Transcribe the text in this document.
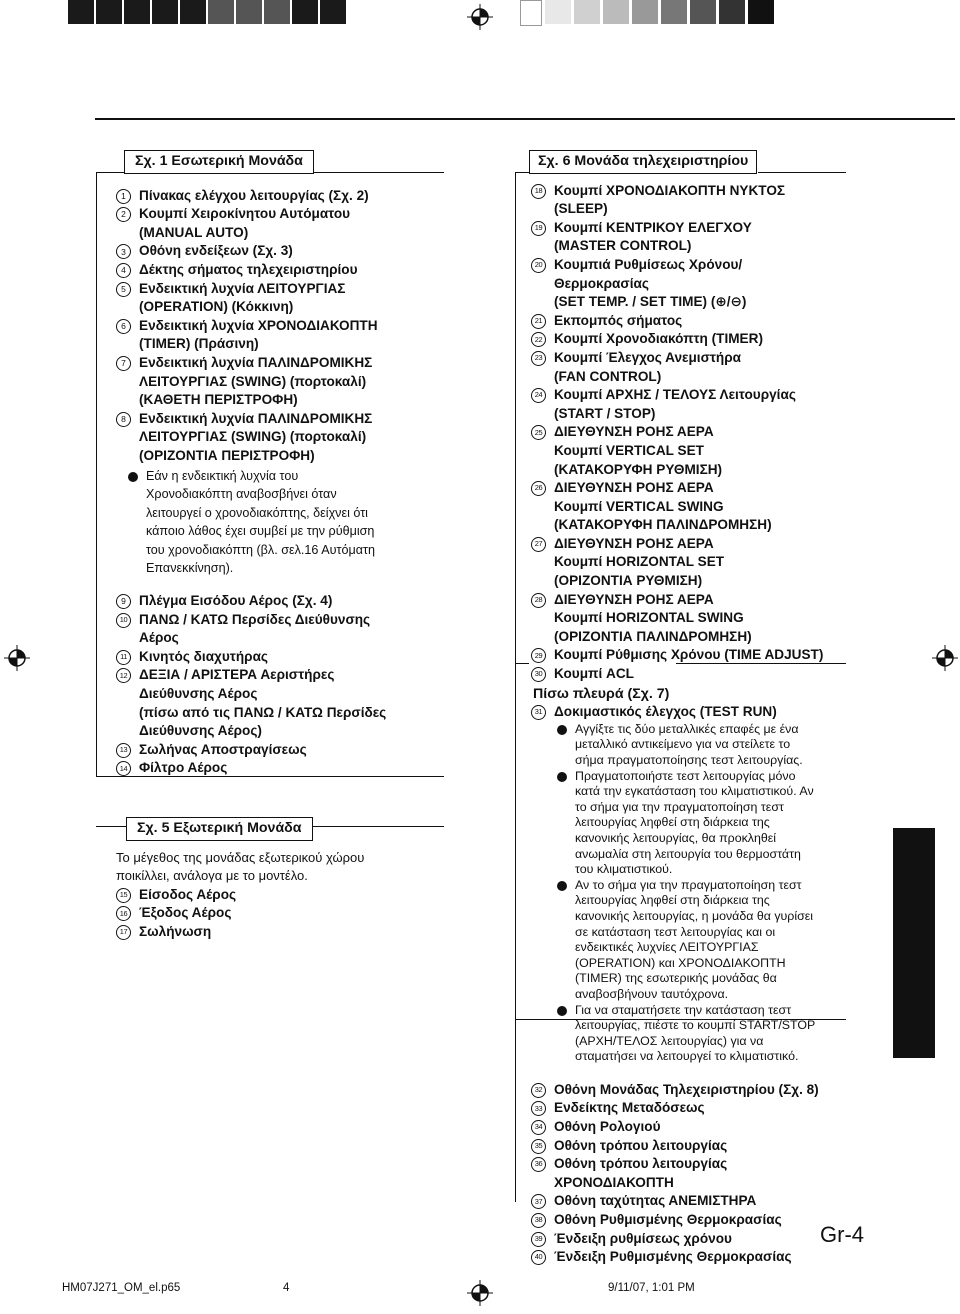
Σχ. 1 Εσωτερική Μονάδα
1 Πίνακας ελέγχου λειτουργίας (Σχ. 2)
2 Κουμπί Χειροκίνητου Αυτόματου
(MANUAL AUTO)
3 Οθόνη ενδείξεων (Σχ. 3)
4 Δέκτης σήματος τηλεχειριστηρίου
5 Ενδεικτική λυχνία ΛΕΙΤΟΥΡΓΙΑΣ
(OPERATION) (Κόκκινη)
6 Ενδεικτική λυχνία ΧΡΟΝΟΔΙΑΚΟΠΤΗ
(TIMER) (Πράσινη)
7 Ενδεικτική λυχνία ΠΑΛΙΝΔΡΟΜΙΚΗΣ
ΛΕΙΤΟΥΡΓΙΑΣ (SWING) (πορτοκαλί)
(ΚΑΘΕΤΗ ΠΕΡΙΣΤΡΟΦΗ)
8 Ενδεικτική λυχνία ΠΑΛΙΝΔΡΟΜΙΚΗΣ
ΛΕΙΤΟΥΡΓΙΑΣ (SWING) (πορτοκαλί)
(ΟΡΙΖΟΝΤΙΑ ΠΕΡΙΣΤΡΟΦΗ)
Εάν η ενδεικτική λυχνία του
Χρονοδιακόπτη αναβοσβήνει όταν
λειτουργεί ο χρονοδιακόπτης, δείχνει ότι
κάποιο λάθος έχει συμβεί με την ρύθμιση
του χρονοδιακόπτη (βλ. σελ.16 Αυτόματη
Επανεκκίνηση).
9 Πλέγμα Εισόδου Αέρος (Σχ. 4)
10 ΠΑΝΩ / ΚΑΤΩ Περσίδες Διεύθυνσης
Αέρος
11 Κινητός διαχυτήρας
12 ΔΕΞΙΑ / ΑΡΙΣΤΕΡΑ Αεριστήρες
Διεύθυνσης Αέρος
(πίσω από τις ΠΑΝΩ / ΚΑΤΩ Περσίδες
Διεύθυνσης Αέρος)
13 Σωλήνας Αποστραγίσεως
14 Φίλτρο Αέρος
Σχ. 5 Εξωτερική Μονάδα
Το μέγεθος της μονάδας εξωτερικού χώρου
ποικίλλει, ανάλογα με το μοντέλο.
15 Είσοδος Αέρος
16 Έξοδος Αέρος
17 Σωλήνωση
Σχ. 6 Μονάδα τηλεχειριστηρίου
18 Κουμπί ΧΡΟΝΟΔΙΑΚΟΠΤΗ ΝΥΚΤΟΣ
(SLEEP)
19 Κουμπί ΚΕΝΤΡΙΚΟΥ ΕΛΕΓΧΟΥ
(MASTER CONTROL)
20 Κουμπιά Ρυθμίσεως Χρόνου/
Θερμοκρασίας
(SET TEMP. / SET TIME) (⊕/⊖)
21 Εκπομπός σήματος
22 Κουμπί Χρονοδιακόπτη (TIMER)
23 Κουμπί Έλεγχος Ανεμιστήρα
(FAN CONTROL)
24 Κουμπί ΑΡΧΗΣ / ΤΕΛΟΥΣ Λειτουργίας
(START / STOP)
25 ΔΙΕΥΘΥΝΣΗ ΡΟΗΣ ΑΕΡΑ
Κουμπί VERTICAL SET
(ΚΑΤΑΚΟΡΥΦΗ ΡΥΘΜΙΣΗ)
26 ΔΙΕΥΘΥΝΣΗ ΡΟΗΣ ΑΕΡΑ
Κουμπί VERTICAL SWING
(ΚΑΤΑΚΟΡΥΦΗ ΠΑΛΙΝΔΡΟΜΗΣΗ)
27 ΔΙΕΥΘΥΝΣΗ ΡΟΗΣ ΑΕΡΑ
Κουμπί HORIZONTAL SET
(ΟΡΙΖΟΝΤΙΑ ΡΥΘΜΙΣΗ)
28 ΔΙΕΥΘΥΝΣΗ ΡΟΗΣ ΑΕΡΑ
Κουμπί HORIZONTAL SWING
(ΟΡΙΖΟΝΤΙΑ ΠΑΛΙΝΔΡΟΜΗΣΗ)
29 Κουμπί Ρύθμισης Χρόνου (TIME ADJUST)
30 Κουμπί ACL
Πίσω πλευρά (Σχ. 7)
31 Δοκιμαστικός έλεγχος (TEST RUN)
Αγγίξτε τις δύο μεταλλικές επαφές με ένα
μεταλλικό αντικείμενο για να στείλετε το
σήμα πραγματοποίησης τεστ λειτουργίας.
Πραγματοποιήστε τεστ λειτουργίας μόνο
κατά την εγκατάσταση του κλιματιστικού. Αν
το σήμα για την πραγματοποίηση τεστ
λειτουργίας ληφθεί στη διάρκεια της
κανονικής λειτουργίας, θα προκληθεί
ανωμαλία στη λειτουργία του θερμοστάτη
του κλιματιστικού.
Αν το σήμα για την πραγματοποίηση τεστ
λειτουργίας ληφθεί στη διάρκεια της
κανονικής λειτουργίας, η μονάδα θα γυρίσει
σε κατάσταση τεστ λειτουργίας και οι
ενδεικτικές λυχνίες ΛΕΙΤΟΥΡΓΙΑΣ
(OPERATION) και ΧΡΟΝΟΔΙΑΚΟΠΤΗ
(TIMER) της εσωτερικής μονάδας θα
αναβοσβήνουν ταυτόχρονα.
Για να σταματήσετε την κατάσταση τεστ
λειτουργίας, πιέστε το κουμπί START/STOP
(ΑΡΧΗ/ΤΕΛΟΣ λειτουργίας) για να
σταματήσει να λειτουργεί το κλιματιστικό.
32 Οθόνη Μονάδας Τηλεχειριστηρίου (Σχ. 8)
33 Ενδείκτης Μεταδόσεως
34 Οθόνη Ρολογιού
35 Οθόνη τρόπου λειτουργίας
36 Οθόνη τρόπου λειτουργίας
ΧΡΟΝΟΔΙΑΚΟΠΤΗ
37 Οθόνη ταχύτητας ΑΝΕΜΙΣΤΗΡΑ
38 Οθόνη Ρυθμισμένης Θερμοκρασίας
39 Ένδειξη ρυθμίσεως χρόνου
40 Ένδειξη Ρυθμισμένης Θερμοκρασίας
Gr-4
HM07J271_OM_el.p65	4	9/11/07, 1:01 PM
